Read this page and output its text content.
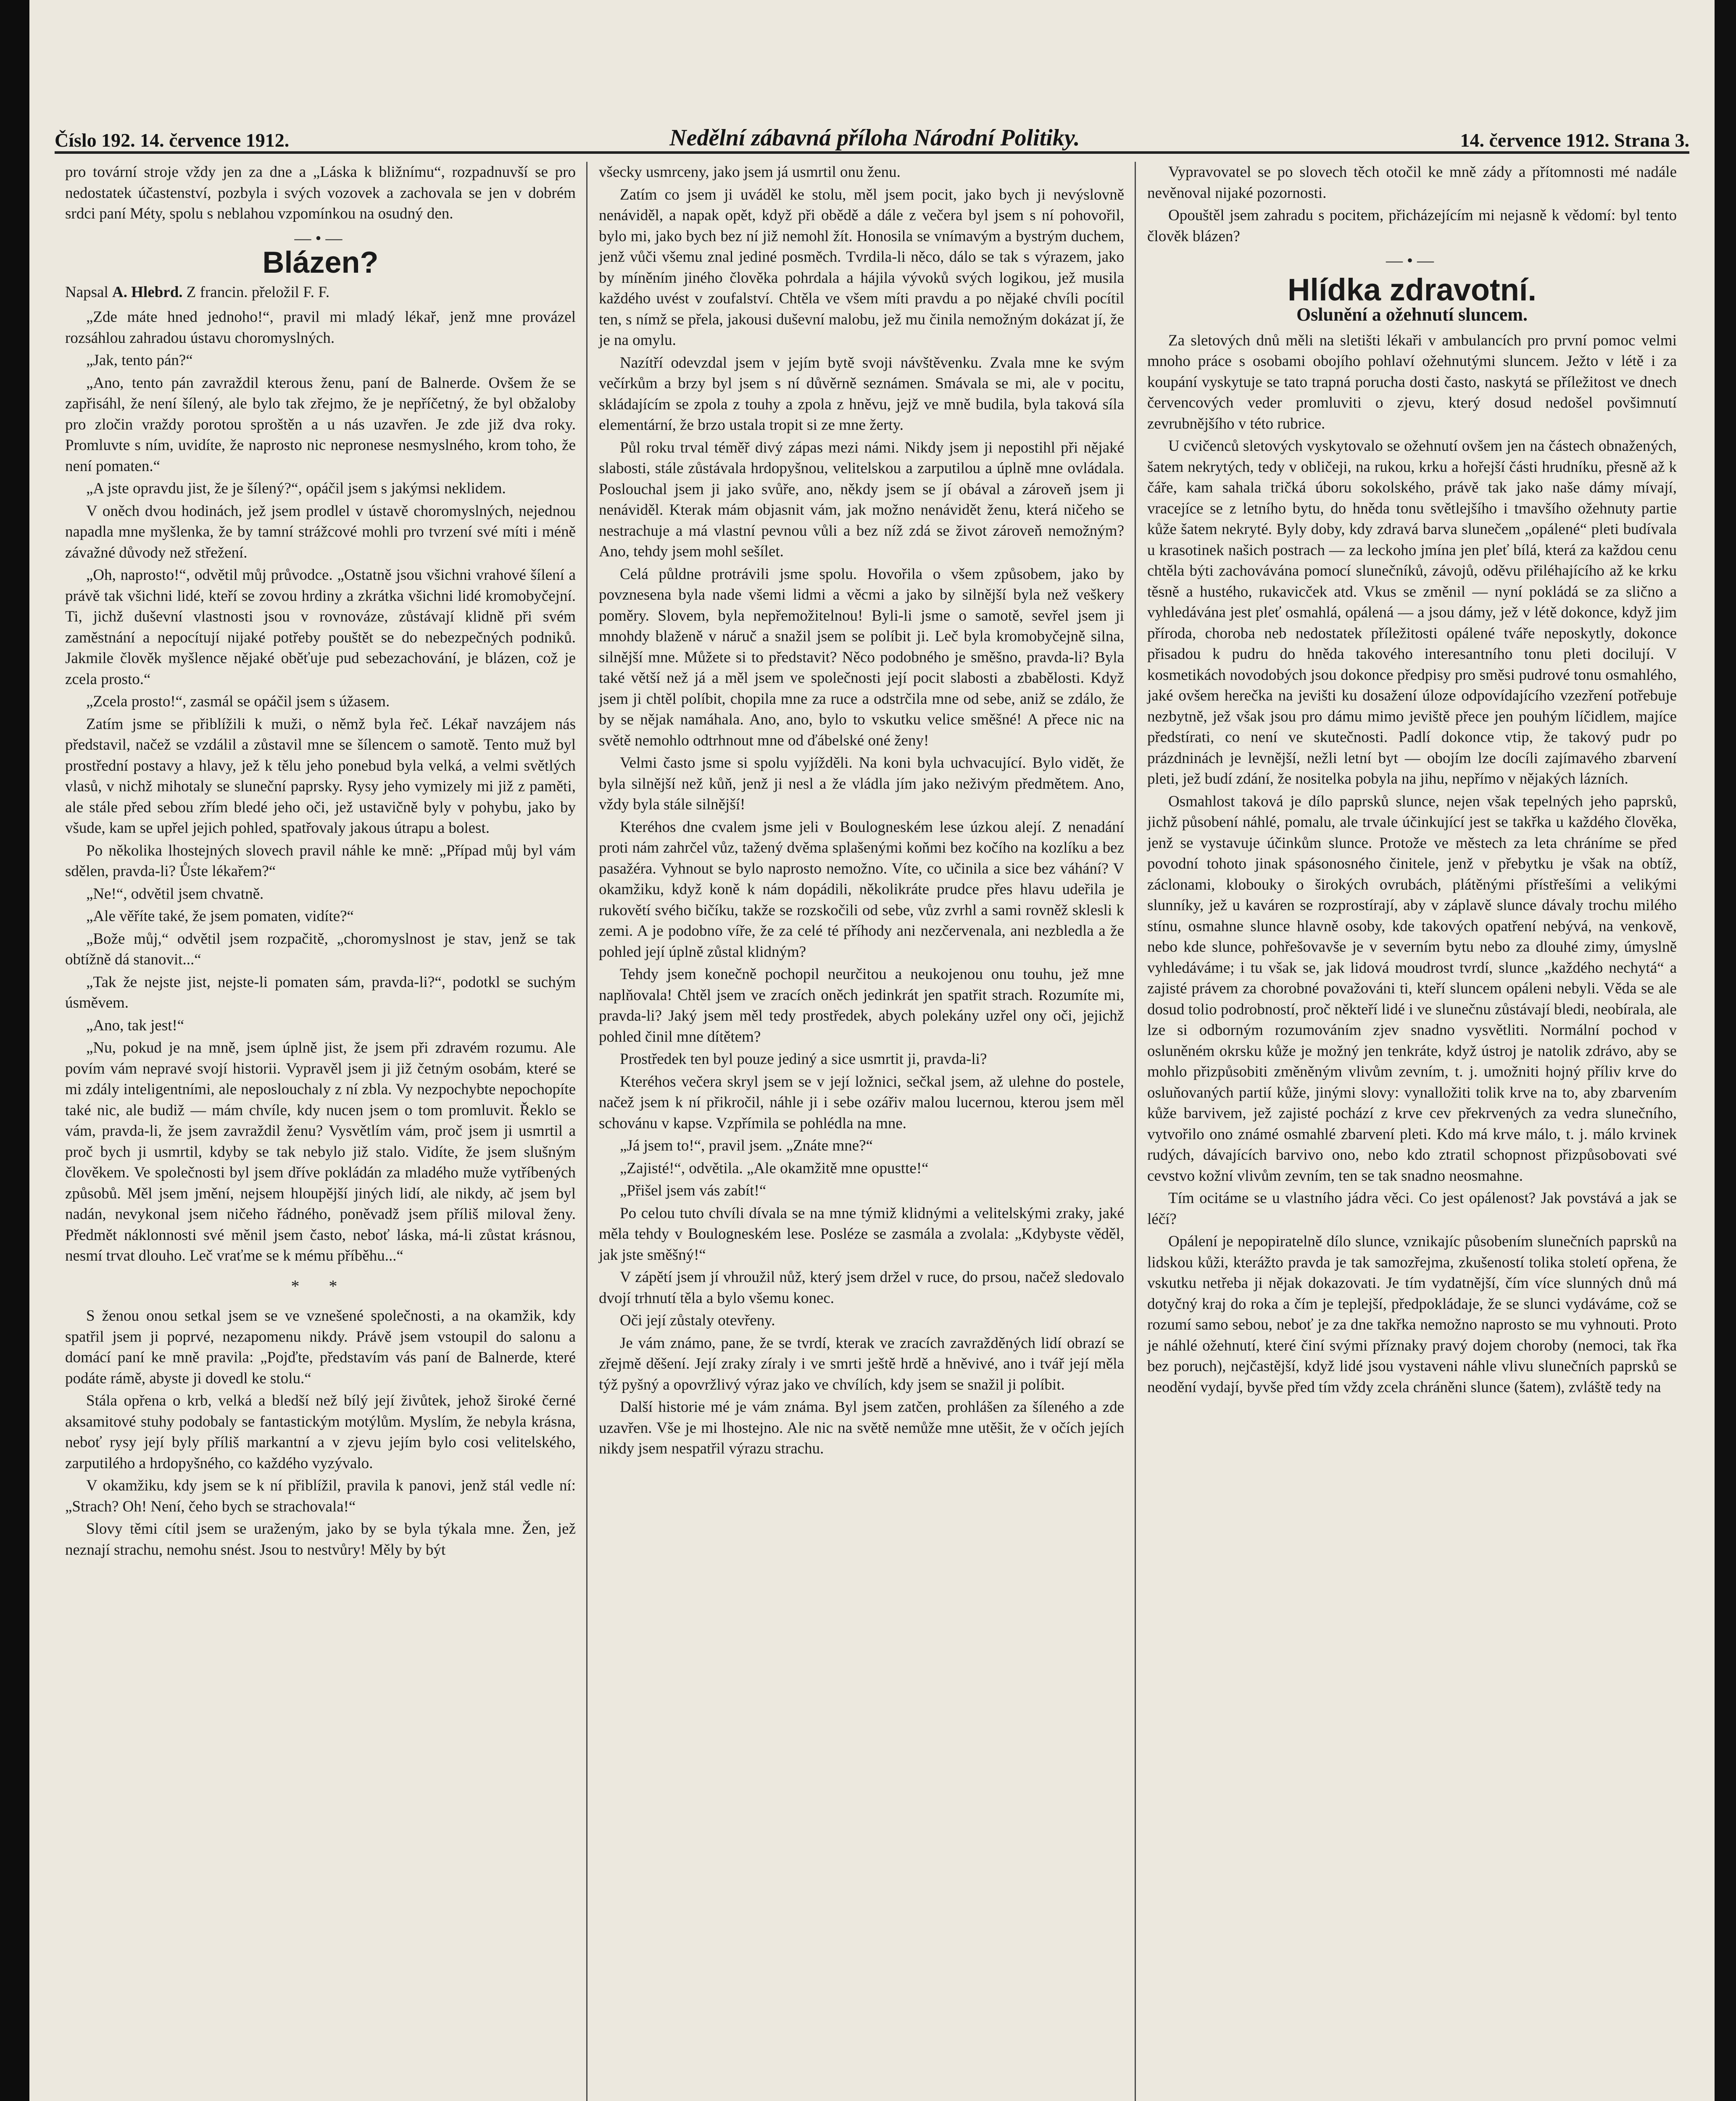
Číslo 192. 14. července 1912.	Nedělní zábavná příloha Národní Politiky.	14. července 1912. Strana 3.

pro tovární stroje vždy jen za dne a „Láska k bližnímu“, rozpadnuvší se pro nedostatek účastenství, pozbyla i svých vozovek a zachovala se jen v dobrém srdci paní Méty, spolu s neblahou vzpomínkou na osudný den.

—•—
Blázen?
Napsal A. Hlebrd. Z francin. přeložil F. F.

„Zde máte hned jednoho!“, pravil mi mladý lékař, jenž mne provázel rozsáhlou zahradou ústavu choromyslných.

„Jak, tento pán?“

„Ano, tento pán zavraždil kterous ženu, paní de Balnerde. Ovšem že se zapřisáhl, že není šílený, ale bylo tak zřejmo, že je nepříčetný, že byl obžaloby pro zločin vraždy porotou sproštěn a u nás uzavřen. Je zde již dva roky. Promluvte s ním, uvidíte, že naprosto nic nepronese nesmyslného, krom toho, že není pomaten.“

„A jste opravdu jist, že je šílený?“, opáčil jsem s jakýmsi neklidem.

V oněch dvou hodinách, jež jsem prodlel v ústavě choromyslných, nejednou napadla mne myšlenka, že by tamní strážcové mohli pro tvrzení své míti i méně závažné důvody než střežení.

„Oh, naprosto!“, odvětil můj průvodce. „Ostatně jsou všichni vrahové šílení a právě tak všichni lidé, kteří se zovou hrdiny a zkrátka všichni lidé kromobyčejní. Ti, jichž duševní vlastnosti jsou v rovnováze, zůstávají klidně při svém zaměstnání a nepocítují nijaké potřeby pouštět se do nebezpečných podniků. Jakmile člověk myšlence nějaké oběťuje pud sebezachování, je blázen, což je zcela prosto.“

„Zcela prosto!“, zasmál se opáčil jsem s úžasem.

Zatím jsme se přiblížili k muži, o němž byla řeč. Lékař navzájem nás představil, načež se vzdálil a zůstavil mne se šílencem o samotě. Tento muž byl prostřední postavy a hlavy, jež k tělu jeho ponebud byla velká, a velmi světlých vlasů, v nichž mihotaly se sluneční paprsky. Rysy jeho vymizely mi již z paměti, ale stále před sebou zřím bledé jeho oči, jež ustavičně byly v pohybu, jako by všude, kam se upřel jejich pohled, spatřovaly jakous útrapu a bolest.

Po několika lhostejných slovech pravil náhle ke mně: „Případ můj byl vám sdělen, pravda-li? Ůste lékařem?“

„Ne!“, odvětil jsem chvatně.

„Ale věříte také, že jsem pomaten, vidíte?“

„Bože můj,“ odvětil jsem rozpačitě, „choromyslnost je stav, jenž se tak obtížně dá stanovit...“

„Tak že nejste jist, nejste-li pomaten sám, pravda-li?“, podotkl se suchým úsměvem.

„Ano, tak jest!“

„Nu, pokud je na mně, jsem úplně jist, že jsem při zdravém rozumu. Ale povím vám nepravé svojí historii. Vypravěl jsem ji již četným osobám, které se mi zdály inteligentními, ale neposlouchaly z ní zbla. Vy nezpochybte nepochopíte také nic, ale budiž — mám chvíle, kdy nucen jsem o tom promluvit. Řeklo se vám, pravda-li, že jsem zavraždil ženu? Vysvětlím vám, proč jsem ji usmrtil a proč bych ji usmrtil, kdyby se tak nebylo již stalo. Vidíte, že jsem slušným člověkem. Ve společnosti byl jsem dříve pokládán za mladého muže vytříbených způsobů. Měl jsem jmění, nejsem hloupější jiných lidí, ale nikdy, ač jsem byl nadán, nevykonal jsem ničeho řádného, poněvadž jsem příliš miloval ženy. Předmět náklonnosti své měnil jsem často, neboť láska, má-li zůstat krásnou, nesmí trvat dlouho. Leč vraťme se k mému příběhu...“

* *

S ženou onou setkal jsem se ve vznešené společnosti, a na okamžik, kdy spatřil jsem ji poprvé, nezapomenu nikdy. Právě jsem vstoupil do salonu a domácí paní ke mně pravila: „Pojďte, představím vás paní de Balnerde, které podáte rámě, abyste ji dovedl ke stolu.“

Stála opřena o krb, velká a bledší než bílý její živůtek, jehož široké černé aksamitové stuhy podobaly se fantastickým motýlům. Myslím, že nebyla krásna, neboť rysy její byly příliš markantní a v zjevu jejím bylo cosi velitelského, zarputilého a hrdopyšného, co každého vyzývalo.

V okamžiku, kdy jsem se k ní přiblížil, pravila k panovi, jenž stál vedle ní: „Strach? Oh! Není, čeho bych se strachovala!“

Slovy těmi cítil jsem se uraženým, jako by se byla týkala mne. Žen, jež neznají strachu, nemohu snést. Jsou to nestvůry! Měly by být

všecky usmrceny, jako jsem já usmrtil onu ženu.

Zatím co jsem ji uváděl ke stolu, měl jsem pocit, jako bych ji nevýslovně nenáviděl, a napak opět, když při obědě a dále z večera byl jsem s ní pohovořil, bylo mi, jako bych bez ní již nemohl žít. Honosila se vnímavým a bystrým duchem, jenž vůči všemu znal jediné posměch. Tvrdila-li něco, dálo se tak s výrazem, jako by míněním jiného člověka pohrdala a hájila vývoků svých logikou, jež musila každého uvést v zoufalství. Chtěla ve všem míti pravdu a po nějaké chvíli pocítil ten, s nímž se přela, jakousi duševní malobu, jež mu činila nemožným dokázat jí, že je na omylu.

Nazítří odevzdal jsem v jejím bytě svoji návštěvenku. Zvala mne ke svým večírkům a brzy byl jsem s ní důvěrně seznámen. Smávala se mi, ale v pocitu, skládajícím se zpola z touhy a zpola z hněvu, jejž ve mně budila, byla taková síla elementární, že brzo ustala tropit si ze mne žerty.

Půl roku trval téměř divý zápas mezi námi. Nikdy jsem ji nepostihl při nějaké slabosti, stále zůstávala hrdopyšnou, velitelskou a zarputilou a úplně mne ovládala. Poslouchal jsem ji jako svůře, ano, někdy jsem se jí obával a zároveň jsem ji nenáviděl. Kterak mám objasnit vám, jak možno nenávidět ženu, která ničeho se nestrachuje a má vlastní pevnou vůli a bez níž zdá se život zároveň nemožným? Ano, tehdy jsem mohl sešílet.

Celá půldne protrávili jsme spolu. Hovořila o všem způsobem, jako by povznesena byla nade všemi lidmi a věcmi a jako by silnější byla než veškery poměry. Slovem, byla nepřemožitelnou! Byli-li jsme o samotě, sevřel jsem ji mnohdy blaženě v náruč a snažil jsem se políbit ji. Leč byla kromobyčejně silna, silnější mne. Můžete si to představit? Něco podobného je směšno, pravda-li? Byla také větší než já a měl jsem ve společnosti její pocit slabosti a zbabělosti. Když jsem ji chtěl políbit, chopila mne za ruce a odstrčila mne od sebe, aniž se zdálo, že by se nějak namáhala. Ano, ano, bylo to vskutku velice směšné! A přece nic na světě nemohlo odtrhnout mne od ďábelské oné ženy!

Velmi často jsme si spolu vyjížděli. Na koni byla uchvacující. Bylo vidět, že byla silnější než kůň, jenž ji nesl a že vládla jím jako neživým předmětem. Ano, vždy byla stále silnější!

Kteréhos dne cvalem jsme jeli v Boulogneském lese úzkou alejí. Z nenadání proti nám zahrčel vůz, tažený dvěma splašenými koňmi bez kočího na kozlíku a bez pasažéra. Vyhnout se bylo naprosto nemožno. Víte, co učinila a sice bez váhání? V okamžiku, když koně k nám dopádili, několikráte prudce přes hlavu udeřila je rukovětí svého bičíku, takže se rozskočili od sebe, vůz zvrhl a sami rovněž sklesli k zemi. A je podobno víře, že za celé té příhody ani nezčervenala, ani nezbledla a že pohled její úplně zůstal klidným?

Tehdy jsem konečně pochopil neurčitou a neukojenou onu touhu, jež mne naplňovala! Chtěl jsem ve zracích oněch jedinkrát jen spatřit strach. Rozumíte mi, pravda-li? Jaký jsem měl tedy prostředek, abych polekány uzřel ony oči, jejichž pohled činil mne dítětem?

Prostředek ten byl pouze jediný a sice usmrtit ji, pravda-li?

Kteréhos večera skryl jsem se v její ložnici, sečkal jsem, až ulehne do postele, načež jsem k ní přikročil, náhle ji i sebe ozářiv malou lucernou, kterou jsem měl schovánu v kapse. Vzpřímila se pohlédla na mne.

„Já jsem to!“, pravil jsem. „Znáte mne?“

„Zajisté!“, odvětila. „Ale okamžitě mne opustte!“

„Přišel jsem vás zabít!“

Po celou tuto chvíli dívala se na mne týmiž klidnými a velitelskými zraky, jaké měla tehdy v Boulogneském lese. Posléze se zasmála a zvolala: „Kdybyste věděl, jak jste směšný!“

V zápětí jsem jí vhroužil nůž, který jsem držel v ruce, do prsou, načež sledovalo dvojí trhnutí těla a bylo všemu konec.

Oči její zůstaly otevřeny.

Je vám známo, pane, že se tvrdí, kterak ve zracích zavražděných lidí obrazí se zřejmě děšení. Její zraky zíraly i ve smrti ještě hrdě a hněvivé, ano i tvář její měla týž pyšný a opovržlivý výraz jako ve chvílích, kdy jsem se snažil ji políbit.

Další historie mé je vám známa. Byl jsem zatčen, prohlášen za šíleného a zde uzavřen. Vše je mi lhostejno. Ale nic na světě nemůže mne utěšit, že v očích jejích nikdy jsem nespatřil výrazu strachu.

Vypravovatel se po slovech těch otočil ke mně zády a přítomnosti mé nadále nevěnoval nijaké pozornosti.

Opouštěl jsem zahradu s pocitem, přicházejícím mi nejasně k vědomí: byl tento člověk blázen?

—•—
Hlídka zdravotní.
Oslunění a ožehnutí sluncem.

Za sletových dnů měli na sletišti lékaři v ambulancích pro první pomoc velmi mnoho práce s osobami obojího pohlaví ožehnutými sluncem. Ježto v létě i za koupání vyskytuje se tato trapná porucha dosti často, naskytá se příležitost ve dnech červencových veder promluviti o zjevu, který dosud nedošel povšimnutí zevrubnějšího v této rubrice.

U cvičenců sletových vyskytovalo se ožehnutí ovšem jen na částech obnažených, šatem nekrytých, tedy v obličeji, na rukou, krku a hořejší části hrudníku, přesně až k čáře, kam sahala tričká úboru sokolského, právě tak jako naše dámy mívají, vracejíce se z letního bytu, do hněda tonu světlejšího i tmavšího ožehnuty partie kůže šatem nekryté. Byly doby, kdy zdravá barva slunečem „opálené“ pleti budívala u krasotinek našich postrach — za leckoho jmína jen pleť bílá, která za každou cenu chtěla býti zachovávána pomocí slunečníků, závojů, oděvu přiléhajícího až ke krku těsně a hustého, rukavicček atd. Vkus se změnil — nyní pokládá se za slično a vyhledávána jest pleť osmahlá, opálená — a jsou dámy, jež v létě dokonce, když jim příroda, choroba neb nedostatek příležitosti opálené tváře neposkytly, dokonce přisadou k pudru do hněda takového interesantního tonu pleti docilují. V kosmetikách novodobých jsou dokonce předpisy pro směsi pudrové tonu osmahlého, jaké ovšem herečka na jevišti ku dosažení úloze odpovídajícího vzezření potřebuje nezbytně, jež však jsou pro dámu mimo jeviště přece jen pouhým líčidlem, majíce předstírati, co není ve skutečnosti. Padlí dokonce vtip, že takový pudr po prázdninách je levnější, nežli letní byt — obojím lze docíli zajímavého zbarvení pleti, jež budí zdání, že nositelka pobyla na jihu, nepřímo v nějakých lázních.

Osmahlost taková je dílo paprsků slunce, nejen však tepelných jeho paprsků, jichž působení náhlé, pomalu, ale trvale účinkující jest se takřka u každého člověka, jenž se vystavuje účinkům slunce. Protože ve městech za leta chráníme se před povodní tohoto jinak spásonosného činitele, jenž v přebytku je však na obtíž, záclonami, klobouky o širokých ovrubách, plátěnými přístřešími a velikými slunníky, jež u kaváren se rozprostírají, aby v záplavě slunce dávaly trochu milého stínu, osmahne slunce hlavně osoby, kde takových opatření nebývá, na venkově, nebo kde slunce, pohřešovavše je v severním bytu nebo za dlouhé zimy, úmyslně vyhledáváme; i tu však se, jak lidová moudrost tvrdí, slunce „každého nechytá“ a zajisté právem za chorobné považováni ti, kteří sluncem opáleni nebyli. Věda se ale dosud tolio podrobností, proč někteří lidé i ve slunečnu zůstávají bledi, neobírala, ale lze si odborným rozumováním zjev snadno vysvětliti. Normální pochod v osluněném okrsku kůže je možný jen tenkráte, když ústroj je natolik zdrávo, aby se mohlo přizpůsobiti změněným vlivům zevním, t. j. umožniti hojný příliv krve do osluňovaných partií kůže, jinými slovy: vynalložiti tolik krve na to, aby zbarvením kůže barvivem, jež zajisté pochází z krve cev překrvených za vedra slunečního, vytvořilo ono známé osmahlé zbarvení pleti. Kdo má krve málo, t. j. málo krvinek rudých, dávajících barvivo ono, nebo kdo ztratil schopnost přizpůsobovati své cevstvo kožní vlivům zevním, ten se tak snadno neosmahne.

Tím ocitáme se u vlastního jádra věci. Co jest opálenost? Jak povstává a jak se léčí?

Opálení je nepopiratelně dílo slunce, vznikajíc působením slunečních paprsků na lidskou kůži, kterážto pravda je tak samozřejma, zkušeností tolika století opřena, že vskutku netřeba ji nějak dokazovati. Je tím vydatnější, čím více slunných dnů má dotyčný kraj do roka a čím je teplejší, předpokládaje, že se slunci vydáváme, což se rozumí samo sebou, neboť je za dne takřka nemožno naprosto se mu vyhnouti. Proto je náhlé ožehnutí, které činí svými příznaky pravý dojem choroby (nemoci, tak řka bez poruch), nejčastější, když lidé jsou vystaveni náhle vlivu slunečních paprsků se neodění vydají, byvše před tím vždy zcela chráněni slunce (šatem), zvláště tedy na
